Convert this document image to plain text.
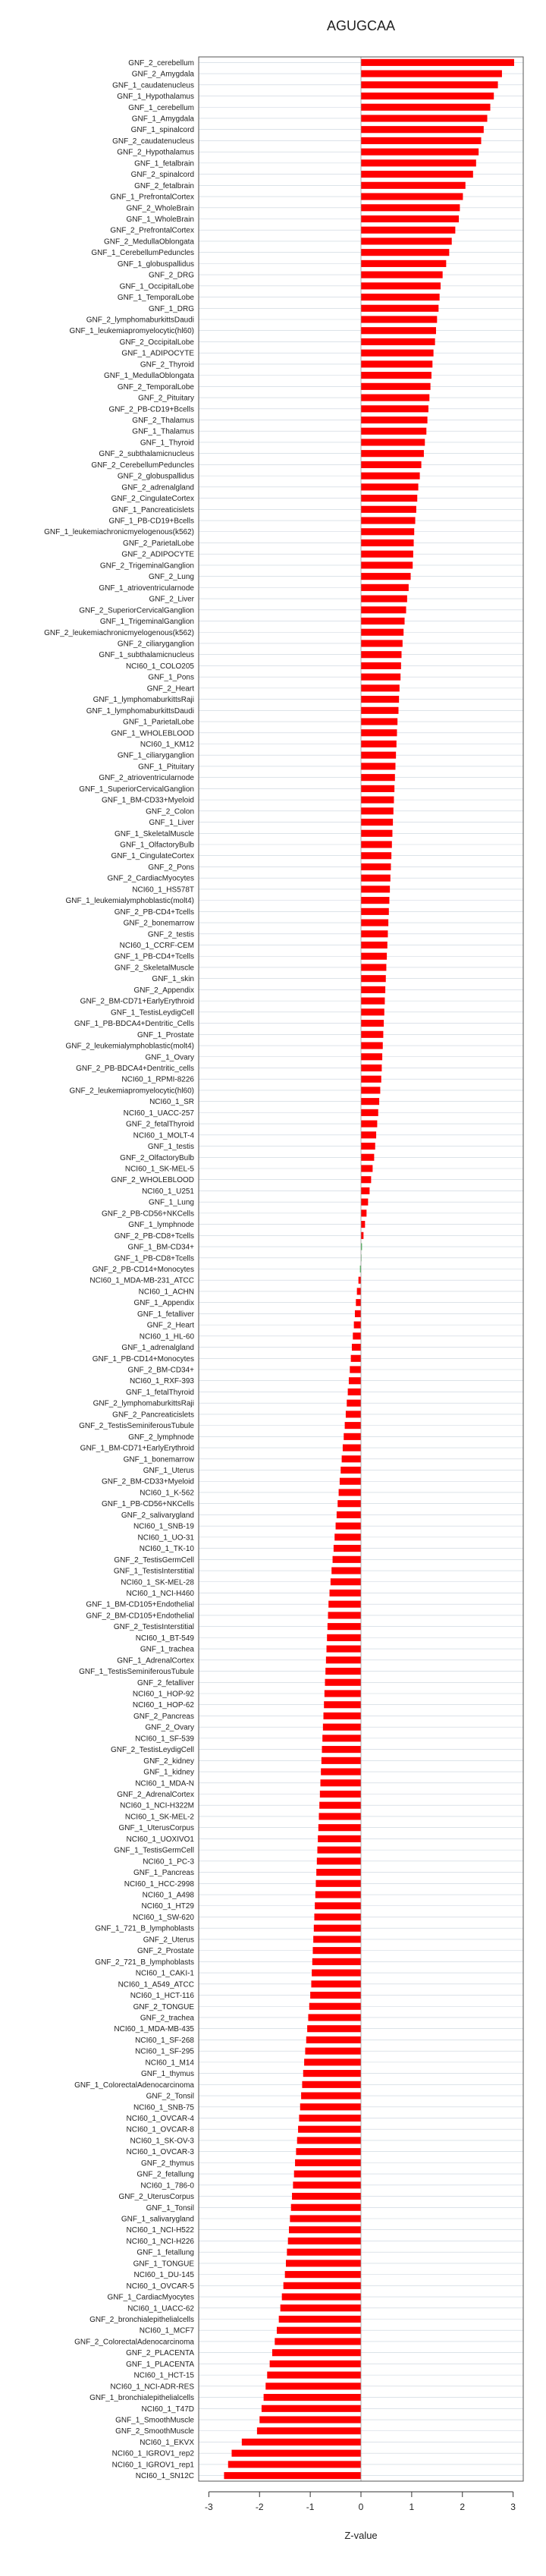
AGUGCAA
GNF_2_cerebellum
GNF_2_Amygdala
GNF_1_caudatenucleus
GNF_1_Hypothalamus
GNF_1_cerebellum
GNF_1_Amygdala
GNF_1_spinalcord
GNF_2_caudatenucleus
GNF_2_Hypothalamus
GNF_1_fetalbrain
GNF_2_spinalcord
GNF_2_fetalbrain
GNF_1_PrefrontalCortex
GNF_2_WholeBrain
GNF_1_WholeBrain
GNF_2_PrefrontalCortex
GNF_2_MedullaOblongata
GNF_1_CerebellumPeduncles
GNF_1_globuspallidus
GNF_2_DRG
GNF_1_OccipitalLobe
GNF_1_TemporalLobe
GNF_1_DRG
GNF_2_lymphomaburkittsDaudi
GNF_1_leukemiapromyelocytic(hl60)
GNF_2_OccipitalLobe
GNF_1_ADIPOCYTE
GNF_2_Thyroid
GNF_1_MedullaOblongata
GNF_2_TemporalLobe
GNF_2_Pituitary
GNF_2_PB-CD19+Bcells
GNF_2_Thalamus
GNF_1_Thalamus
GNF_1_Thyroid
GNF_2_subthalamicnucleus
GNF_2_CerebellumPeduncles
GNF_2_globuspallidus
GNF_2_adrenalgland
GNF_2_CingulateCortex
GNF_1_Pancreaticislets
GNF_1_PB-CD19+Bcells
GNF_1_leukemiachronicmyelogenous(k562)
GNF_2_ParietalLobe
GNF_2_ADIPOCYTE
GNF_2_TrigeminalGanglion
GNF_2_Lung
GNF_1_atrioventricularnode
GNF_2_Liver
GNF_2_SuperiorCervicalGanglion
GNF_1_TrigeminalGanglion
GNF_2_leukemiachronicmyelogenous(k562)
GNF_2_ciliaryganglion
GNF_1_subthalamicnucleus
NCI60_1_COLO205
GNF_1_Pons
GNF_2_Heart
GNF_1_lymphomaburkittsRaji
GNF_1_lymphomaburkittsDaudi
GNF_1_ParietalLobe
GNF_1_WHOLEBLOOD
NCI60_1_KM12
GNF_1_ciliaryganglion
GNF_1_Pituitary
GNF_2_atrioventricularnode
GNF_1_SuperiorCervicalGanglion
GNF_1_BM-CD33+Myeloid
GNF_2_Colon
GNF_1_Liver
GNF_1_SkeletalMuscle
GNF_1_OlfactoryBulb
GNF_1_CingulateCortex
GNF_2_Pons
GNF_2_CardiacMyocytes
NCI60_1_HS578T
GNF_1_leukemialymphoblastic(molt4)
GNF_2_PB-CD4+Tcells
GNF_2_bonemarrow
GNF_2_testis
NCI60_1_CCRF-CEM
GNF_1_PB-CD4+Tcells
GNF_2_SkeletalMuscle
GNF_1_skin
GNF_2_Appendix
GNF_2_BM-CD71+EarlyErythroid
GNF_1_TestisLeydigCell
GNF_1_PB-BDCA4+Dentritic_Cells
GNF_1_Prostate
GNF_2_leukemialymphoblastic(molt4)
GNF_1_Ovary
GNF_2_PB-BDCA4+Dentritic_cells
NCI60_1_RPMI-8226
GNF_2_leukemiapromyelocytic(hl60)
NCI60_1_SR
NCI60_1_UACC-257
GNF_2_fetalThyroid
NCI60_1_MOLT-4
GNF_1_testis
GNF_2_OlfactoryBulb
NCI60_1_SK-MEL-5
GNF_2_WHOLEBLOOD
NCI60_1_U251
GNF_1_Lung
GNF_2_PB-CD56+NKCells
GNF_1_lymphnode
GNF_2_PB-CD8+Tcells
GNF_1_BM-CD34+
GNF_1_PB-CD8+Tcells
GNF_2_PB-CD14+Monocytes
NCI60_1_MDA-MB-231_ATCC
NCI60_1_ACHN
GNF_1_Appendix
GNF_1_fetalliver
GNF_2_Heart
NCI60_1_HL-60
GNF_1_adrenalgland
GNF_1_PB-CD14+Monocytes
GNF_2_BM-CD34+
NCI60_1_RXF-393
GNF_1_fetalThyroid
GNF_2_lymphomaburkittsRaji
GNF_2_Pancreaticislets
GNF_2_TestisSeminiferousTubule
GNF_2_lymphnode
GNF_1_BM-CD71+EarlyErythroid
GNF_1_bonemarrow
GNF_1_Uterus
GNF_2_BM-CD33+Myeloid
NCI60_1_K-562
GNF_1_PB-CD56+NKCells
GNF_2_salivarygland
NCI60_1_SNB-19
NCI60_1_UO-31
NCI60_1_TK-10
GNF_2_TestisGermCell
GNF_1_TestisInterstitial
NCI60_1_SK-MEL-28
NCI60_1_NCI-H460
GNF_1_BM-CD105+Endothelial
GNF_2_BM-CD105+Endothelial
GNF_2_TestisInterstitial
NCI60_1_BT-549
GNF_1_trachea
GNF_1_AdrenalCortex
GNF_1_TestisSeminiferousTubule
GNF_2_fetalliver
NCI60_1_HOP-92
NCI60_1_HOP-62
GNF_2_Pancreas
GNF_2_Ovary
NCI60_1_SF-539
GNF_2_TestisLeydigCell
GNF_2_kidney
GNF_1_kidney
NCI60_1_MDA-N
GNF_2_AdrenalCortex
NCI60_1_NCI-H322M
NCI60_1_SK-MEL-2
GNF_1_UterusCorpus
NCI60_1_UOXIVO1
GNF_1_TestisGermCell
NCI60_1_PC-3
GNF_1_Pancreas
NCI60_1_HCC-2998
NCI60_1_A498
NCI60_1_HT29
NCI60_1_SW-620
GNF_1_721_B_lymphoblasts
GNF_2_Uterus
GNF_2_Prostate
GNF_2_721_B_lymphoblasts
NCI60_1_CAKI-1
NCI60_1_A549_ATCC
NCI60_1_HCT-116
GNF_2_TONGUE
GNF_2_trachea
NCI60_1_MDA-MB-435
NCI60_1_SF-268
NCI60_1_SF-295
NCI60_1_M14
GNF_1_thymus
GNF_1_ColorectalAdenocarcinoma
GNF_2_Tonsil
NCI60_1_SNB-75
NCI60_1_OVCAR-4
NCI60_1_OVCAR-8
NCI60_1_SK-OV-3
NCI60_1_OVCAR-3
GNF_2_thymus
GNF_2_fetallung
NCI60_1_786-0
GNF_2_UterusCorpus
GNF_1_Tonsil
GNF_1_salivarygland
NCI60_1_NCI-H522
NCI60_1_NCI-H226
GNF_1_fetallung
GNF_1_TONGUE
NCI60_1_DU-145
NCI60_1_OVCAR-5
GNF_1_CardiacMyocytes
NCI60_1_UACC-62
GNF_2_bronchialepithelialcells
NCI60_1_MCF7
GNF_2_ColorectalAdenocarcinoma
GNF_2_PLACENTA
GNF_1_PLACENTA
NCI60_1_HCT-15
NCI60_1_NCI-ADR-RES
GNF_1_bronchialepithelialcells
NCI60_1_T47D
GNF_1_SmoothMuscle
GNF_2_SmoothMuscle
NCI60_1_EKVX
NCI60_1_IGROV1_rep2
NCI60_1_IGROV1_rep1
NCI60_1_SN12C
-3	-2	-1	0	1	2	3
Z-value
